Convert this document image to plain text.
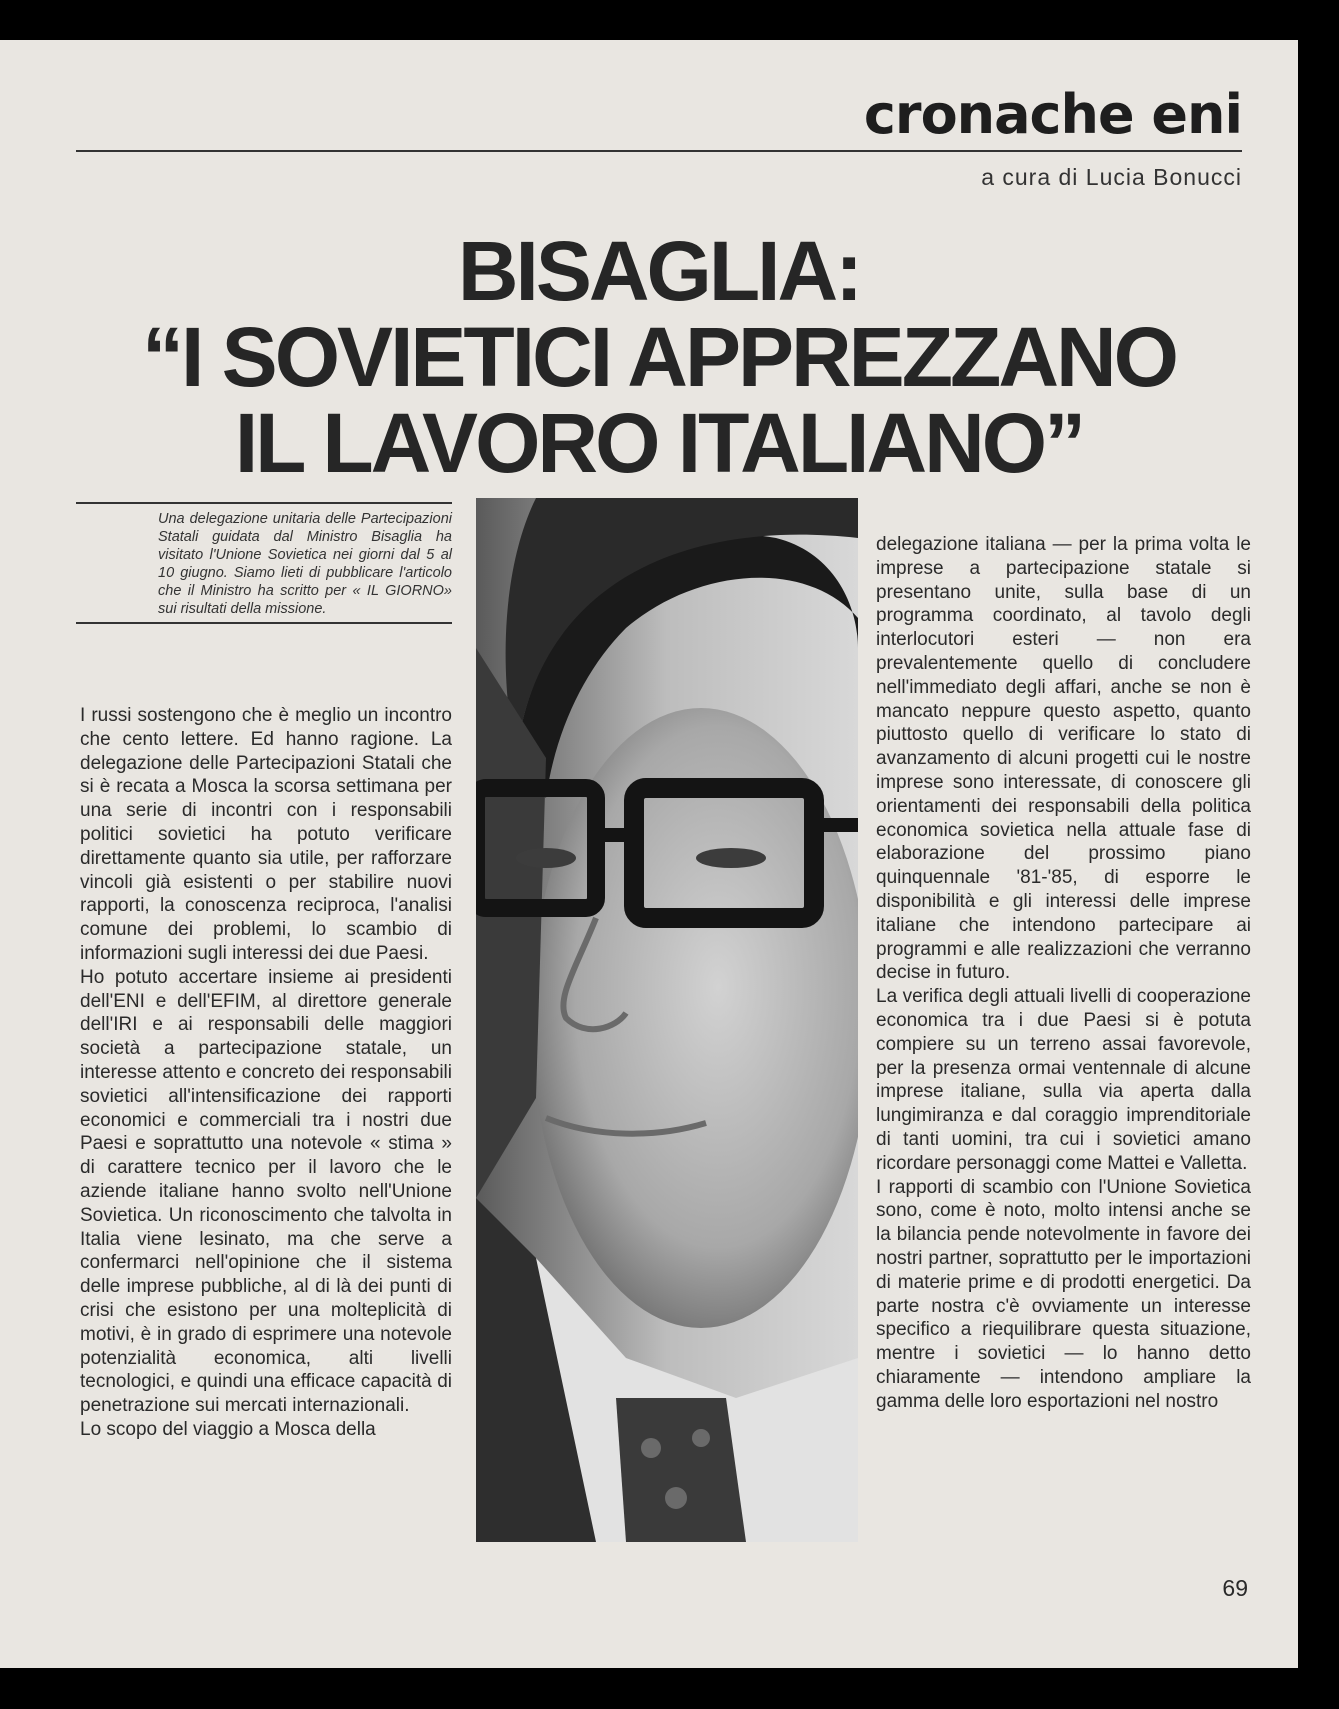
cronache eni

a cura di Lucia Bonucci

BISAGLIA:
“I SOVIETICI APPREZZANO
IL LAVORO ITALIANO”

Una delegazione unitaria delle Partecipazioni Statali guidata dal Ministro Bisaglia ha visitato l'Unione Sovietica nei giorni dal 5 al 10 giugno. Siamo lieti di pubblicare l'articolo che il Ministro ha scritto per « IL GIORNO» sui risultati della missione.

I russi sostengono che è meglio un incontro che cento lettere. Ed hanno ragione. La delegazione delle Partecipazioni Statali che si è recata a Mosca la scorsa settimana per una serie di incontri con i responsabili politici sovietici ha potuto verificare direttamente quanto sia utile, per rafforzare vincoli già esistenti o per stabilire nuovi rapporti, la conoscenza reciproca, l'analisi comune dei problemi, lo scambio di informazioni sugli interessi dei due Paesi.

Ho potuto accertare insieme ai presidenti dell'ENI e dell'EFIM, al direttore generale dell'IRI e ai responsabili delle maggiori società a partecipazione statale, un interesse attento e concreto dei responsabili sovietici all'intensificazione dei rapporti economici e commerciali tra i nostri due Paesi e soprattutto una notevole « stima » di carattere tecnico per il lavoro che le aziende italiane hanno svolto nell'Unione Sovietica. Un riconoscimento che talvolta in Italia viene lesinato, ma che serve a confermarci nell'opinione che il sistema delle imprese pubbliche, al di là dei punti di crisi che esistono per una molteplicità di motivi, è in grado di esprimere una notevole potenzialità economica, alti livelli tecnologici, e quindi una efficace capacità di penetrazione sui mercati internazionali.

Lo scopo del viaggio a Mosca della

delegazione italiana — per la prima volta le imprese a partecipazione statale si presentano unite, sulla base di un programma coordinato, al tavolo degli interlocutori esteri — non era prevalentemente quello di concludere nell'immediato degli affari, anche se non è mancato neppure questo aspetto, quanto piuttosto quello di verificare lo stato di avanzamento di alcuni progetti cui le nostre imprese sono interessate, di conoscere gli orientamenti dei responsabili della politica economica sovietica nella attuale fase di elaborazione del prossimo piano quinquennale '81-'85, di esporre le disponibilità e gli interessi delle imprese italiane che intendono partecipare ai programmi e alle realizzazioni che verranno decise in futuro.

La verifica degli attuali livelli di cooperazione economica tra i due Paesi si è potuta compiere su un terreno assai favorevole, per la presenza ormai ventennale di alcune imprese italiane, sulla via aperta dalla lungimiranza e dal coraggio imprenditoriale di tanti uomini, tra cui i sovietici amano ricordare personaggi come Mattei e Valletta.

I rapporti di scambio con l'Unione Sovietica sono, come è noto, molto intensi anche se la bilancia pende notevolmente in favore dei nostri partner, soprattutto per le importazioni di materie prime e di prodotti energetici. Da parte nostra c'è ovviamente un interesse specifico a riequilibrare questa situazione, mentre i sovietici — lo hanno detto chiaramente — intendono ampliare la gamma delle loro esportazioni nel nostro

69
